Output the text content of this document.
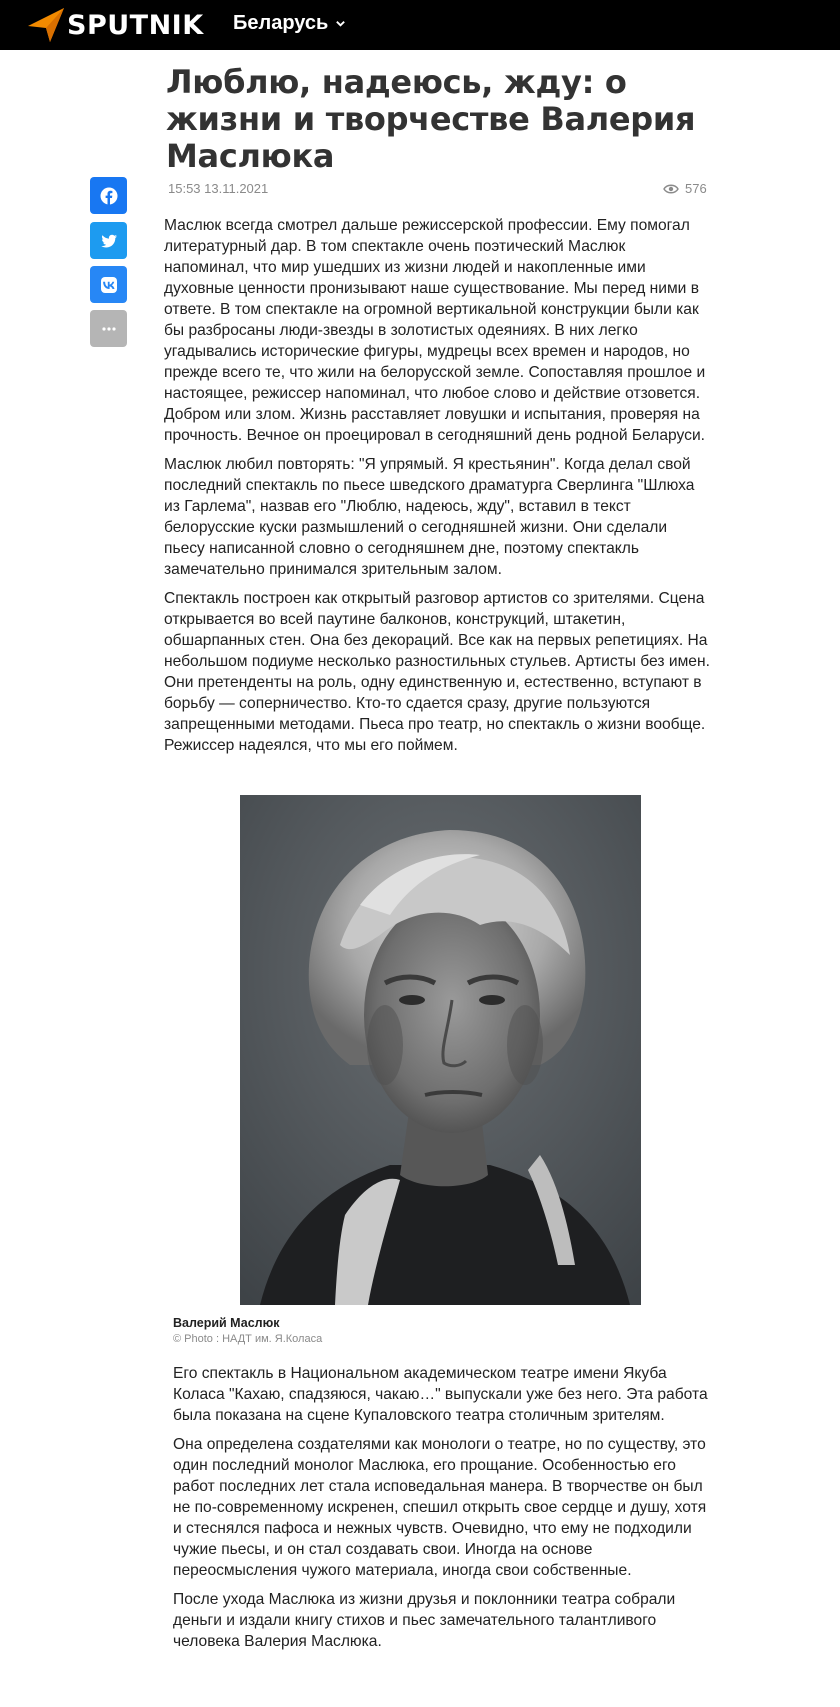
SPUTNIK Беларусь
Люблю, надеюсь, жду: о жизни и творчестве Валерия Маслюка
15:53 13.11.2021	576

Маслюк всегда смотрел дальше режиссерской профессии. Ему помогал литературный дар. В том спектакле очень поэтический Маслюк напоминал, что мир ушедших из жизни людей и накопленные ими духовные ценности пронизывают наше существование. Мы перед ними в ответе. В том спектакле на огромной вертикальной конструкции были как бы разбросаны люди-звезды в золотистых одеяниях. В них легко угадывались исторические фигуры, мудрецы всех времен и народов, но прежде всего те, что жили на белорусской земле. Сопоставляя прошлое и настоящее, режиссер напоминал, что любое слово и действие отзовется. Добром или злом. Жизнь расставляет ловушки и испытания, проверяя на прочность. Вечное он проецировал в сегодняшний день родной Беларуси.

Маслюк любил повторять: "Я упрямый. Я крестьянин". Когда делал свой последний спектакль по пьесе шведского драматурга Сверлинга "Шлюха из Гарлема", назвав его "Люблю, надеюсь, жду", вставил в текст белорусские куски размышлений о сегодняшней жизни. Они сделали пьесу написанной словно о сегодняшнем дне, поэтому спектакль замечательно принимался зрительным залом.

Спектакль построен как открытый разговор артистов со зрителями. Сцена открывается во всей паутине балконов, конструкций, штакетин, обшарпанных стен. Она без декораций. Все как на первых репетициях. На небольшом подиуме несколько разностильных стульев. Артисты без имен. Они претенденты на роль, одну единственную и, естественно, вступают в борьбу — соперничество. Кто-то сдается сразу, другие пользуются запрещенными методами. Пьеса про театр, но спектакль о жизни вообще. Режиссер надеялся, что мы его поймем.

Валерий Маслюк
© Photo : НАДТ им. Я.Коласа

Его спектакль в Национальном академическом театре имени Якуба Коласа "Кахаю, спадзяюся, чакаю…" выпускали уже без него. Эта работа была показана на сцене Купаловского театра столичным зрителям.

Она определена создателями как монологи о театре, но по существу, это один последний монолог Маслюка, его прощание. Особенностью его работ последних лет стала исповедальная манера. В творчестве он был не по-современному искренен, спешил открыть свое сердце и душу, хотя и стеснялся пафоса и нежных чувств. Очевидно, что ему не подходили чужие пьесы, и он стал создавать свои. Иногда на основе переосмысления чужого материала, иногда свои собственные.

После ухода Маслюка из жизни друзья и поклонники театра собрали деньги и издали книгу стихов и пьес замечательного талантливого человека Валерия Маслюка.
